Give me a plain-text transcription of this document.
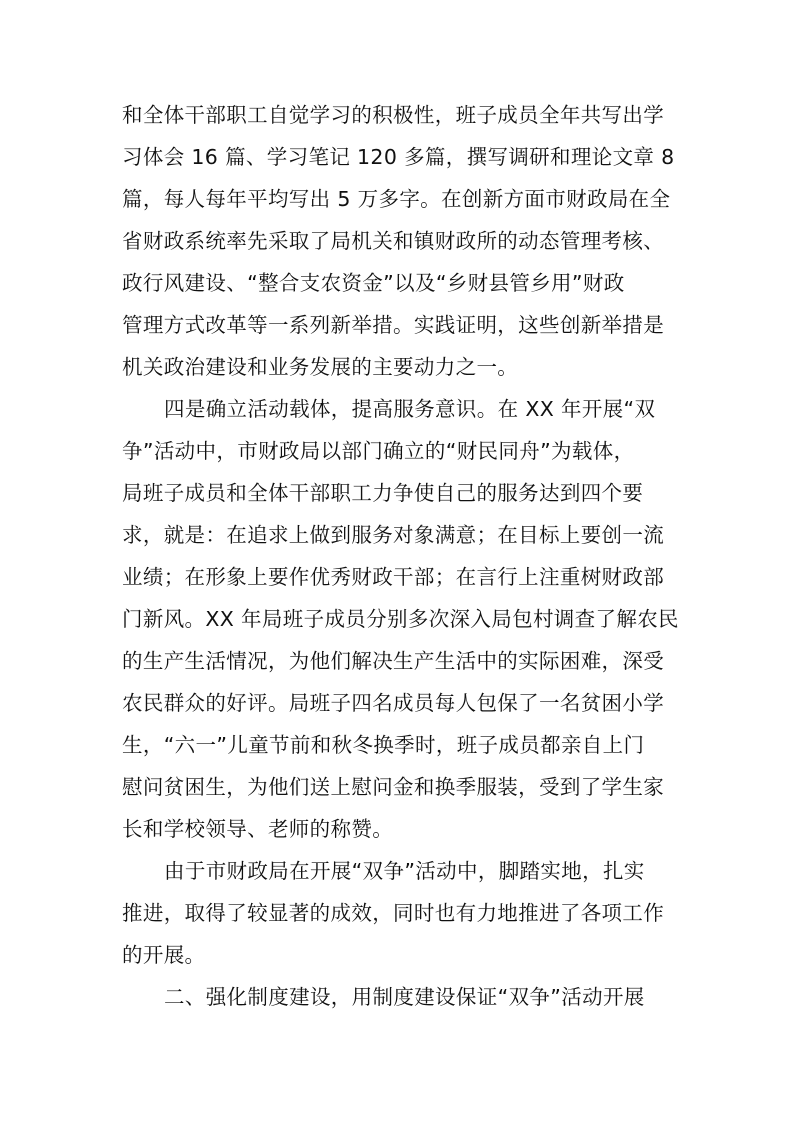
和全体干部职工自觉学习的积极性，班子成员全年共写出学

习体会 16 篇、学习笔记 120 多篇，撰写调研和理论文章 8

篇，每人每年平均写出 5 万多字。在创新方面市财政局在全

省财政系统率先采取了局机关和镇财政所的动态管理考核、

政行风建设、“整合支农资金”以及“乡财县管乡用”财政

管理方式改革等一系列新举措。实践证明，这些创新举措是

机关政治建设和业务发展的主要动力之一。

四是确立活动载体，提高服务意识。在 XX 年开展“双

争”活动中，市财政局以部门确立的“财民同舟”为载体，

局班子成员和全体干部职工力争使自己的服务达到四个要

求，就是：在追求上做到服务对象满意；在目标上要创一流

业绩；在形象上要作优秀财政干部；在言行上注重树财政部

门新风。XX 年局班子成员分别多次深入局包村调查了解农民

的生产生活情况，为他们解决生产生活中的实际困难，深受

农民群众的好评。局班子四名成员每人包保了一名贫困小学

生，“六一”儿童节前和秋冬换季时，班子成员都亲自上门

慰问贫困生，为他们送上慰问金和换季服装，受到了学生家

长和学校领导、老师的称赞。

由于市财政局在开展“双争”活动中，脚踏实地，扎实

推进，取得了较显著的成效，同时也有力地推进了各项工作

的开展。

二、强化制度建设，用制度建设保证“双争”活动开展
